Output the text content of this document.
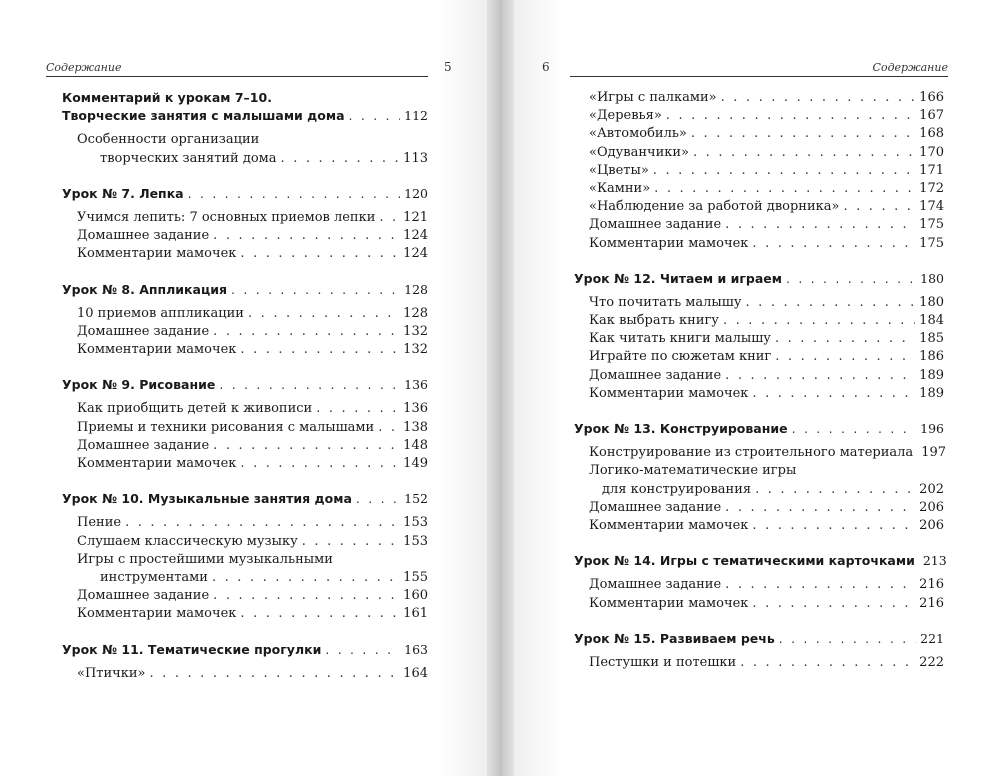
Содержание	5
Комментарий к урокам 7–10.
Творческие занятия с малышами дома . . .	112
Особенности организации
творческих занятий дома . . .	113
Урок № 7. Лепка . . .	120
Учимся лепить: 7 основных приемов лепки . . . 121
Домашнее задание . . .	124
Комментарии мамочек . . .	124
Урок № 8. Аппликация . . .	128
10 приемов аппликации . . .	128
Домашнее задание . . .	132
Комментарии мамочек . . .	132
Урок № 9. Рисование . . .	136
Как приобщить детей к живописи . . .	136
Приемы и техники рисования с малышами . . . 138
Домашнее задание . . .	148
Комментарии мамочек . . .	149
Урок № 10. Музыкальные занятия дома . . .	152
Пение . . .	153
Слушаем классическую музыку . . .	153
Игры с простейшими музыкальными
инструментами . . .	155
Домашнее задание . . .	160
Комментарии мамочек . . .	161
Урок № 11. Тематические прогулки . . .	163
«Птички» . . .	164
6	Содержание
«Игры с палками» . . .	166
«Деревья» . . .	167
«Автомобиль» . . .	168
«Одуванчики» . . .	170
«Цветы» . . .	171
«Камни» . . .	172
«Наблюдение за работой дворника» . . .	174
Домашнее задание . . .	175
Комментарии мамочек . . .	175
Урок № 12. Читаем и играем . . .	180
Что почитать малышу . . .	180
Как выбрать книгу . . .	184
Как читать книги малышу . . .	185
Играйте по сюжетам книг . . .	186
Домашнее задание . . .	189
Комментарии мамочек . . .	189
Урок № 13. Конструирование . . .	196
Конструирование из строительного материала 197
Логико-математические игры
для конструирования . . .	202
Домашнее задание . . .	206
Комментарии мамочек . . .	206
Урок № 14. Игры с тематическими карточками 213
Домашнее задание . . .	216
Комментарии мамочек . . .	216
Урок № 15. Развиваем речь . . .	221
Пестушки и потешки . . .	222
